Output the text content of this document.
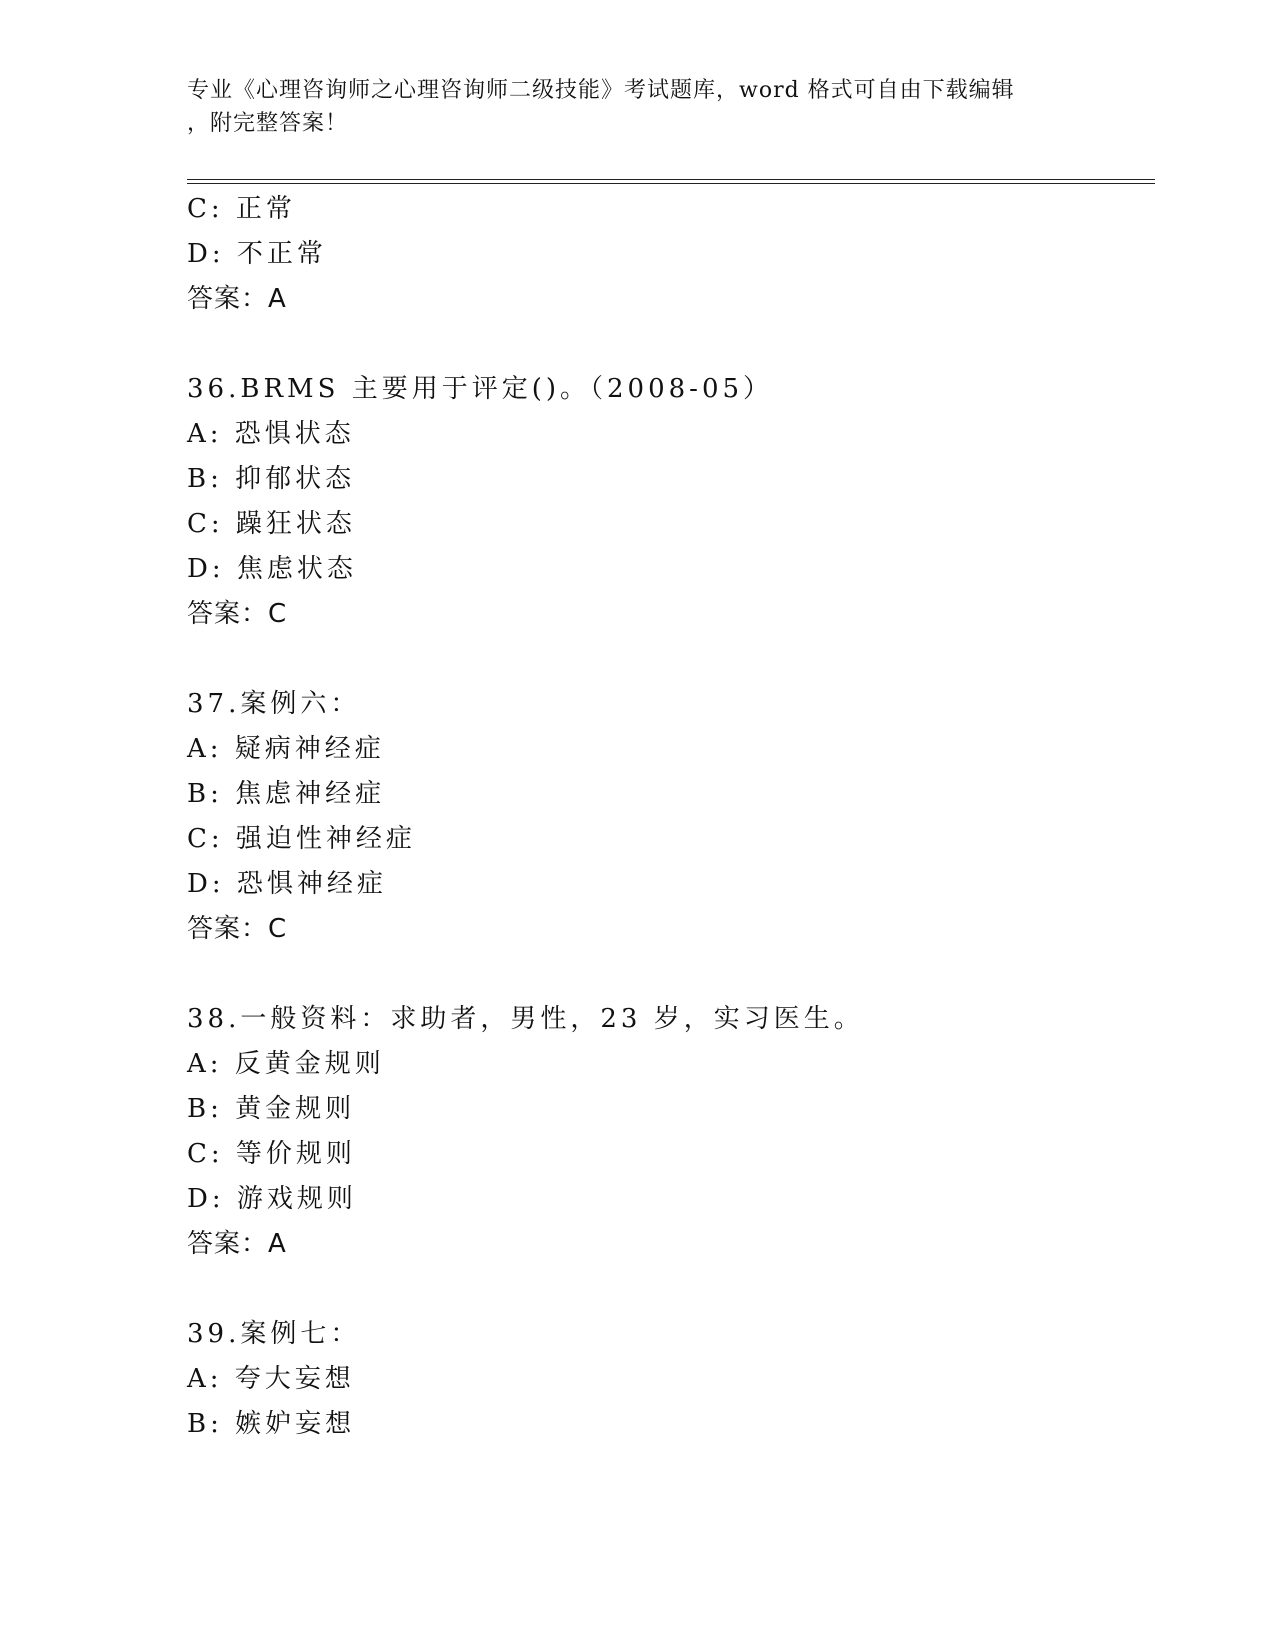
专业《心理咨询师之心理咨询师二级技能》考试题库，word 格式可自由下载编辑
，附完整答案！
C: 正常
D: 不正常
答案：A
36.BRMS 主要用于评定()。（2008-05）
A: 恐惧状态
B: 抑郁状态
C: 躁狂状态
D: 焦虑状态
答案：C
37.案例六：
A: 疑病神经症
B: 焦虑神经症
C: 强迫性神经症
D: 恐惧神经症
答案：C
38.一般资料：求助者，男性，23 岁，实习医生。
A: 反黄金规则
B: 黄金规则
C: 等价规则
D: 游戏规则
答案：A
39.案例七：
A: 夸大妄想
B: 嫉妒妄想
